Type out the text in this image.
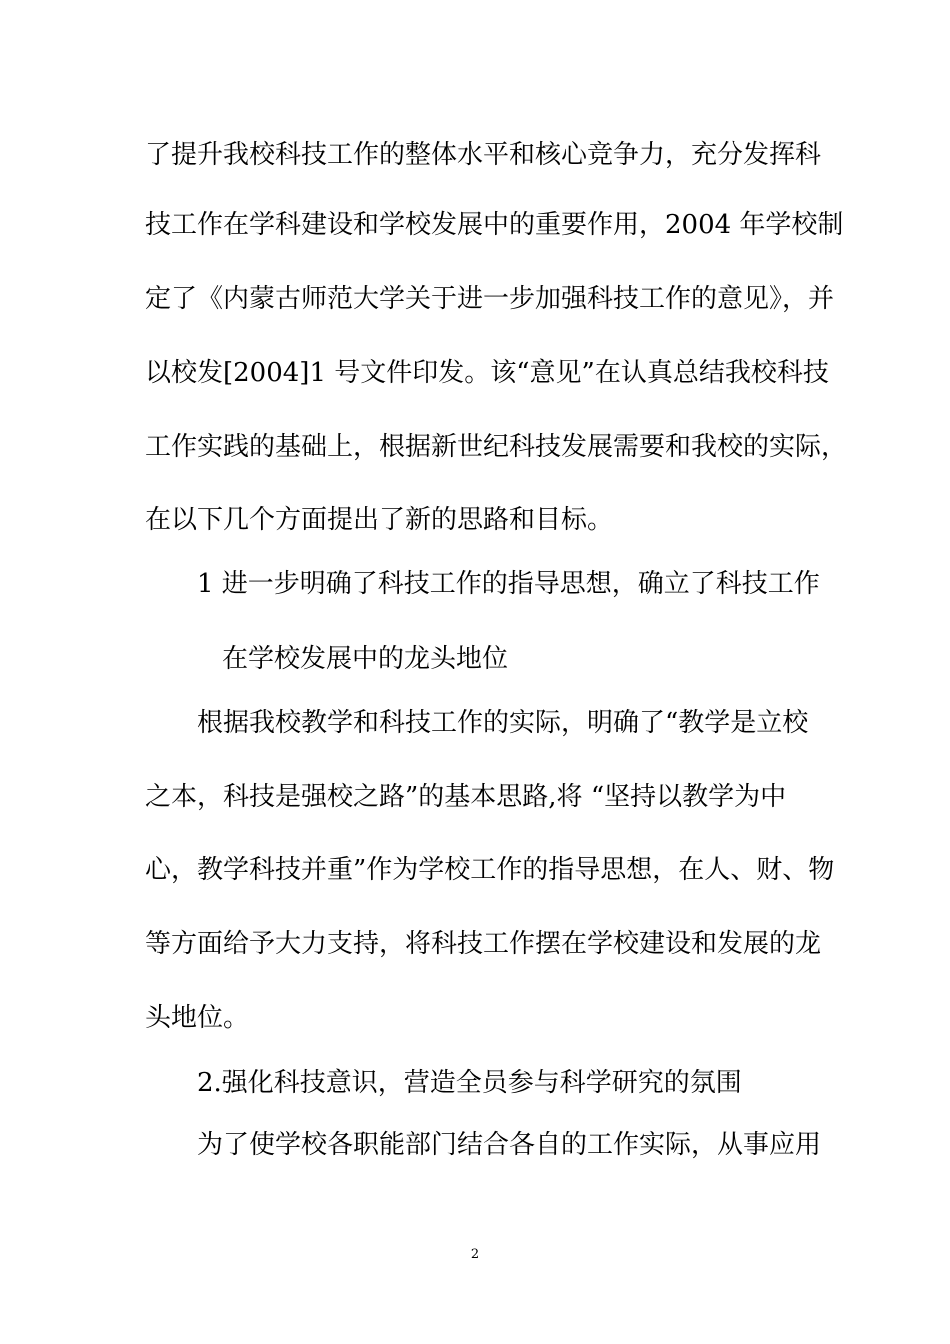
了提升我校科技工作的整体水平和核心竞争力，充分发挥科
技工作在学科建设和学校发展中的重要作用，2004 年学校制
定了《内蒙古师范大学关于进一步加强科技工作的意见》，并
以校发[2004]1 号文件印发。该“意见”在认真总结我校科技
工作实践的基础上，根据新世纪科技发展需要和我校的实际，
在以下几个方面提出了新的思路和目标。
1 进一步明确了科技工作的指导思想，确立了科技工作
在学校发展中的龙头地位
根据我校教学和科技工作的实际，明确了“教学是立校
之本，科技是强校之路”的基本思路,将 “坚持以教学为中
心，教学科技并重”作为学校工作的指导思想，在人、财、物
等方面给予大力支持，将科技工作摆在学校建设和发展的龙
头地位。
2.强化科技意识，营造全员参与科学研究的氛围
为了使学校各职能部门结合各自的工作实际，从事应用
2
